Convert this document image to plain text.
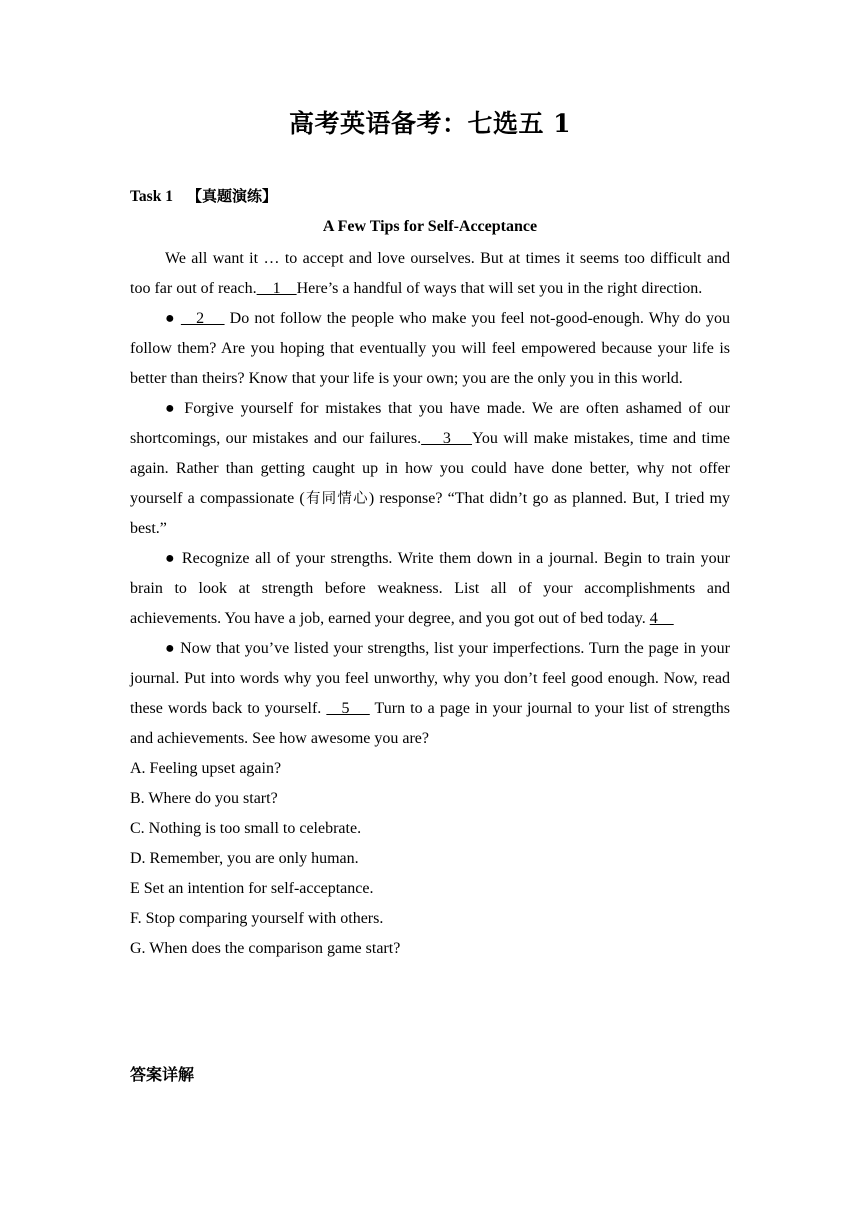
高考英语备考：七选五 1
Task 1 【真题演练】
A Few Tips for Self-Acceptance

We all want it … to accept and love ourselves. But at times it seems too difficult and too far out of reach.    1    Here’s a handful of ways that will set you in the right direction.

●    2     Do not follow the people who make you feel not-good-enough. Why do you follow them? Are you hoping that eventually you will feel empowered because your life is better than theirs? Know that your life is your own; you are the only you in this world.

● Forgive yourself for mistakes that you have made. We are often ashamed of our shortcomings, our mistakes and our failures.    3    You will make mistakes, time and time again. Rather than getting caught up in how you could have done better, why not offer yourself a compassionate (有同情心) response? “That didn’t go as planned. But, I tried my best.”

● Recognize all of your strengths. Write them down in a journal. Begin to train your brain to look at strength before weakness. List all of your accomplishments and achievements. You have a job, earned your degree, and you got out of bed today. 4

● Now that you’ve listed your strengths, list your imperfections. Turn the page in your journal. Put into words why you feel unworthy, why you don’t feel good enough. Now, read these words back to yourself.    5     Turn to a page in your journal to your list of strengths and achievements. See how awesome you are?

A. Feeling upset again?

B. Where do you start?

C. Nothing is too small to celebrate.

D. Remember, you are only human.

E Set an intention for self-acceptance.

F. Stop comparing yourself with others.

G. When does the comparison game start?

答案详解
